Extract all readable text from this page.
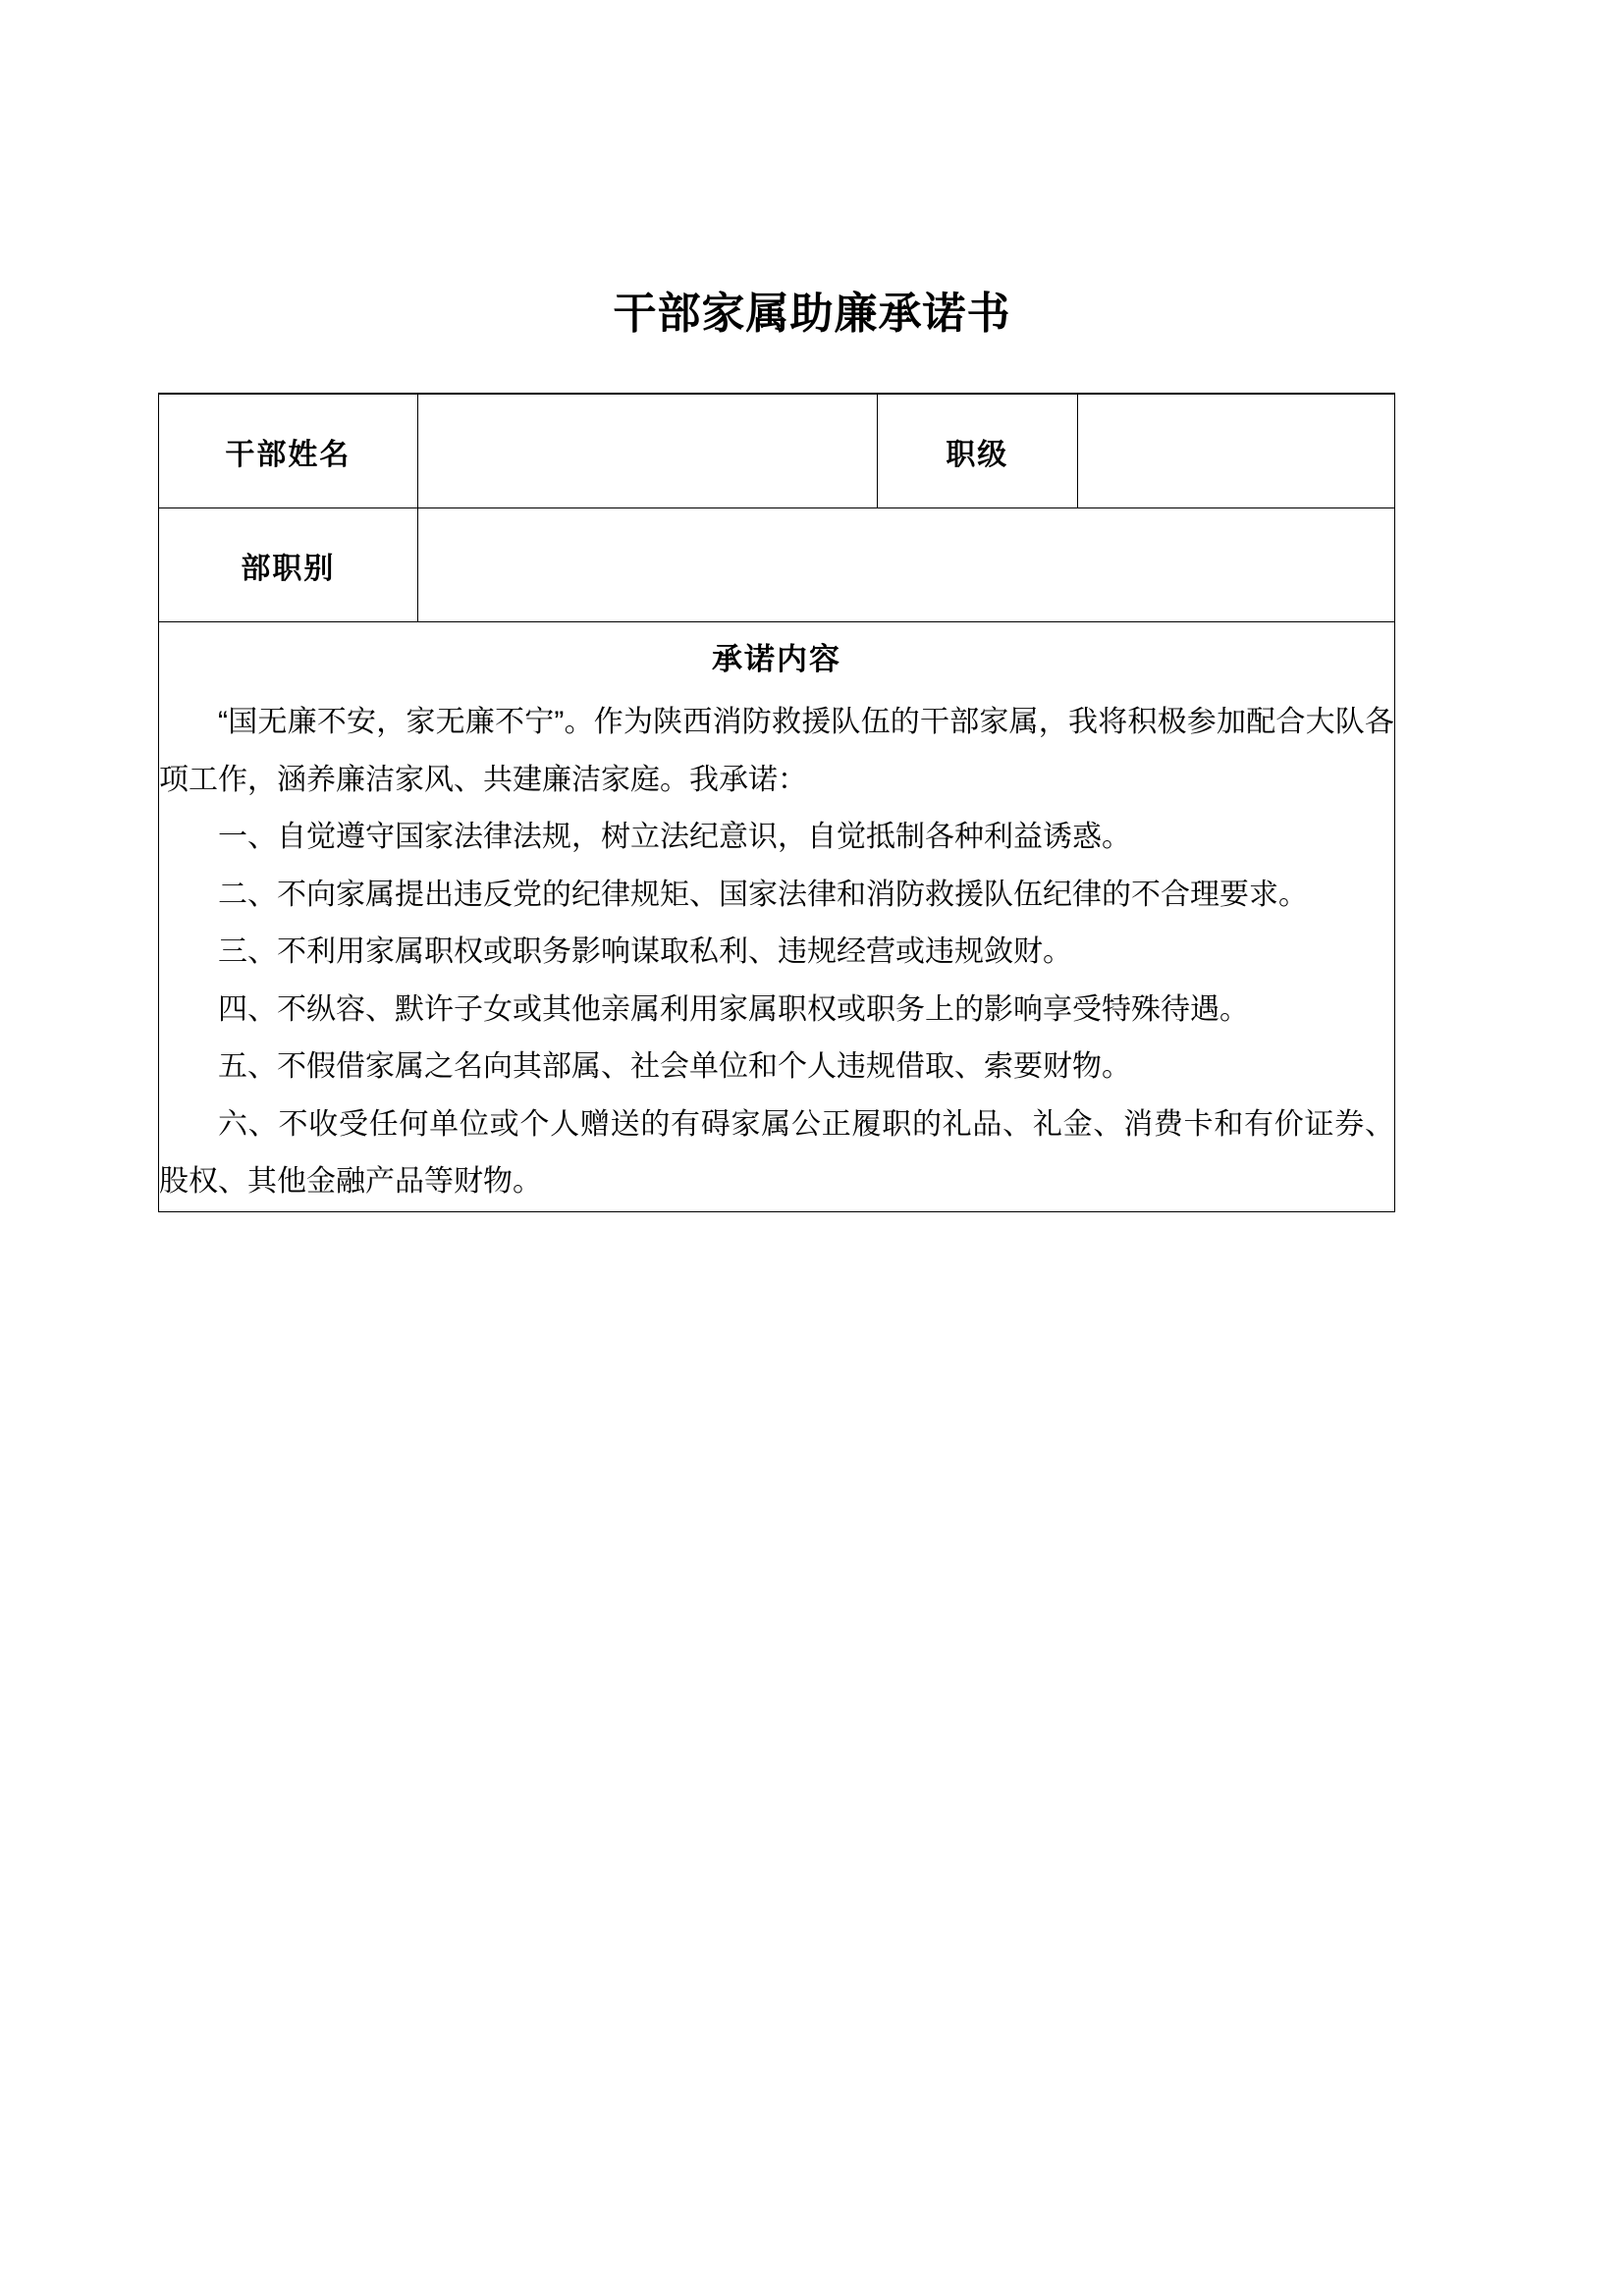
干部家属助廉承诺书
干部姓名		职级	
部职别			

承诺内容

“国无廉不安，家无廉不宁”。作为陕西消防救援队伍的干部家属，我将积极参加配合大队各项工作，涵养廉洁家风、共建廉洁家庭。我承诺：

一、自觉遵守国家法律法规，树立法纪意识，自觉抵制各种利益诱惑。

二、不向家属提出违反党的纪律规矩、国家法律和消防救援队伍纪律的不合理要求。

三、不利用家属职权或职务影响谋取私利、违规经营或违规敛财。

四、不纵容、默许子女或其他亲属利用家属职权或职务上的影响享受特殊待遇。

五、不假借家属之名向其部属、社会单位和个人违规借取、索要财物。

六、不收受任何单位或个人赠送的有碍家属公正履职的礼品、礼金、消费卡和有价证券、股权、其他金融产品等财物。
